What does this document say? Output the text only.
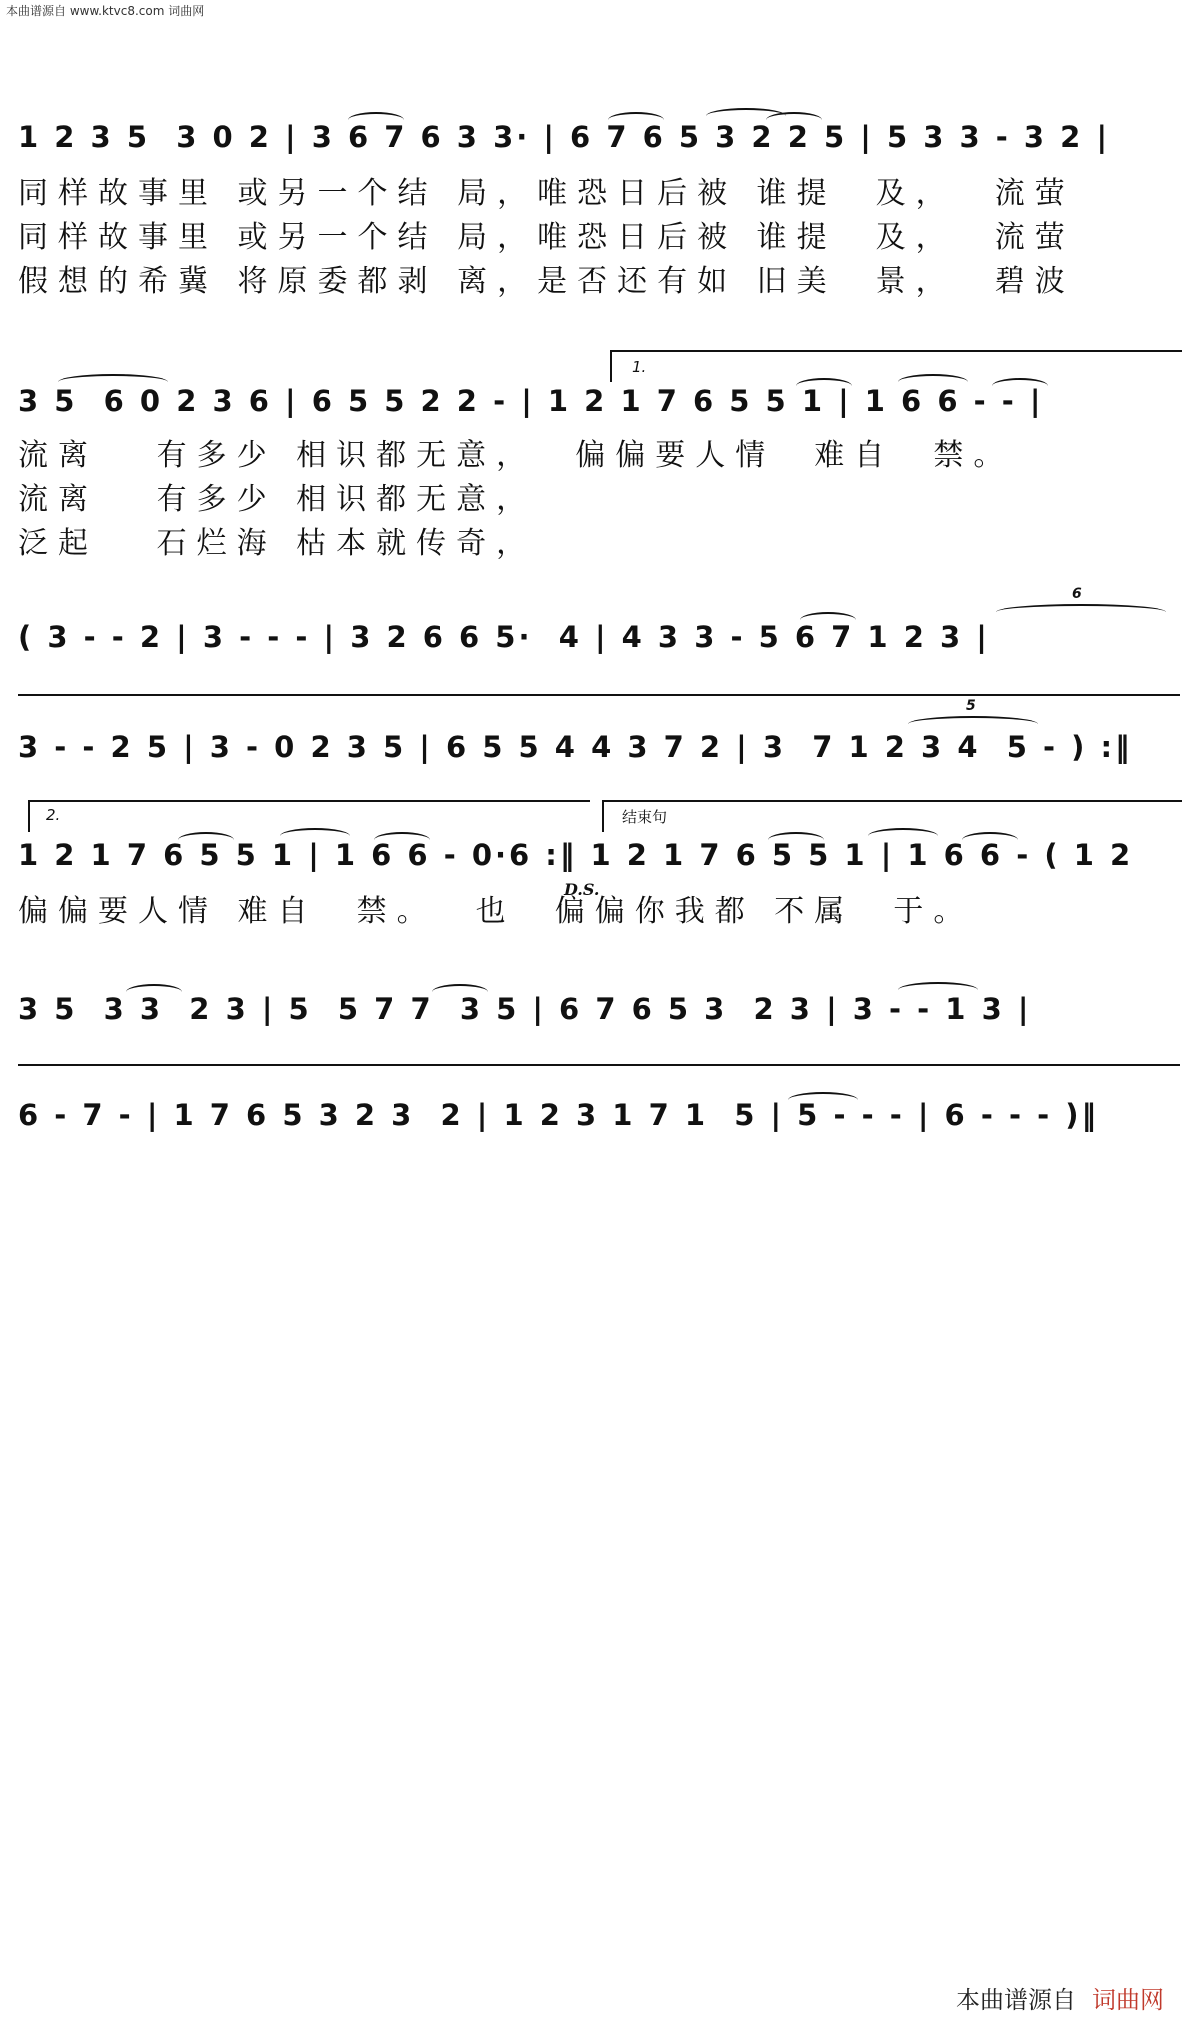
本曲谱源自 www.ktvc8.com 词曲网
1 2 3 5  3 0 2 | 3 6 7 6 3 3· | 6 7 6 5 3 2 2 5 | 5 3 3 - 3 2 |
同样故事里 或另一个结 局，唯恐日后被 谁提  及，  流萤
同样故事里 或另一个结 局，唯恐日后被 谁提  及，  流萤
假想的希冀 将原委都剥 离，是否还有如 旧美  景，  碧波
1.
3 5  6 0 2 3 6 | 6 5 5 2 2 - | 1 2 1 7 6 5 5 1 | 1 6 6 - - |
流离   有多少 相识都无意，  偏偏要人情  难自  禁。
流离   有多少 相识都无意，
泛起   石烂海 枯本就传奇，
6
( 3 - - 2 | 3 - - - | 3 2 6 6 5·  4 | 4 3 3 - 5 6 7 1 2 3 |
5
3 - - 2 5 | 3 - 0 2 3 5 | 6 5 5 4 4 3 7 2 | 3  7 1 2 3 4  5 - ) :‖
2.	结束句
1 2 1 7 6 5 5 1 | 1 6 6 - 0·6 :‖ 1 2 1 7 6 5 5 1 | 1 6 6 - ( 1 2
D.S.
偏偏要人情 难自  禁。  也  偏偏你我都 不属  于。
3 5  3 3  2 3 | 5  5 7 7  3 5 | 6 7 6 5 3  2 3 | 3 - - 1 3 |
6 - 7 - | 1 7 6 5 3 2 3  2 | 1 2 3 1 7 1  5 | 5 - - - | 6 - - - )‖
本曲谱源自 词曲网
